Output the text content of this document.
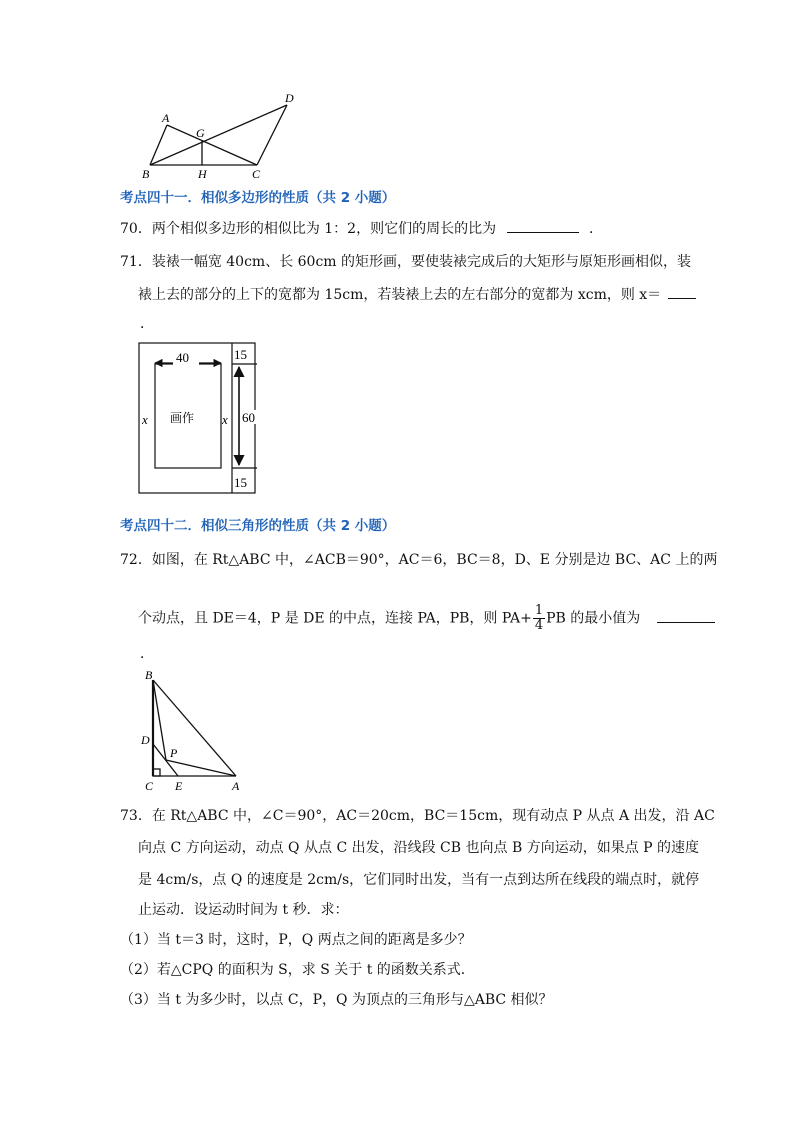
A
B	C
D
G
H
考点四十一．相似多边形的性质（共 2 小题）
70．两个相似多边形的相似比为 1：2，则它们的周长的比为	．
71．装裱一幅宽 40cm、长 60cm 的矩形画，要使装裱完成后的大矩形与原矩形画相似，装
裱上去的部分的上下的宽都为 15cm，若装裱上去的左右部分的宽都为 xcm，则 x＝
．
40	15
15
60
x	x
画作
考点四十二．相似三角形的性质（共 2 小题）
72．如图，在 Rt△ABC 中，∠ACB＝90°，AC＝6，BC＝8，D、E 分别是边 BC、AC 上的两
个动点，且 DE＝4，P 是 DE 的中点，连接 PA，PB，则 $PA+ \frac{1}{4}$ PB 的最小值为
．
B
D
P
C E	A
73．在 Rt△ABC 中，∠C＝90°，AC＝20cm，BC＝15cm，现有动点 P 从点 A 出发，沿 AC
向点 C 方向运动，动点 Q 从点 C 出发，沿线段 CB 也向点 B 方向运动，如果点 P 的速度
是 4cm/s，点 Q 的速度是 2cm/s，它们同时出发，当有一点到达所在线段的端点时，就停
止运动．设运动时间为 t 秒．求：
（1）当 t＝3 时，这时，P，Q 两点之间的距离是多少？
（2）若△CPQ 的面积为 S，求 S 关于 t 的函数关系式．
（3）当 t 为多少时，以点 C，P，Q 为顶点的三角形与△ABC 相似？
